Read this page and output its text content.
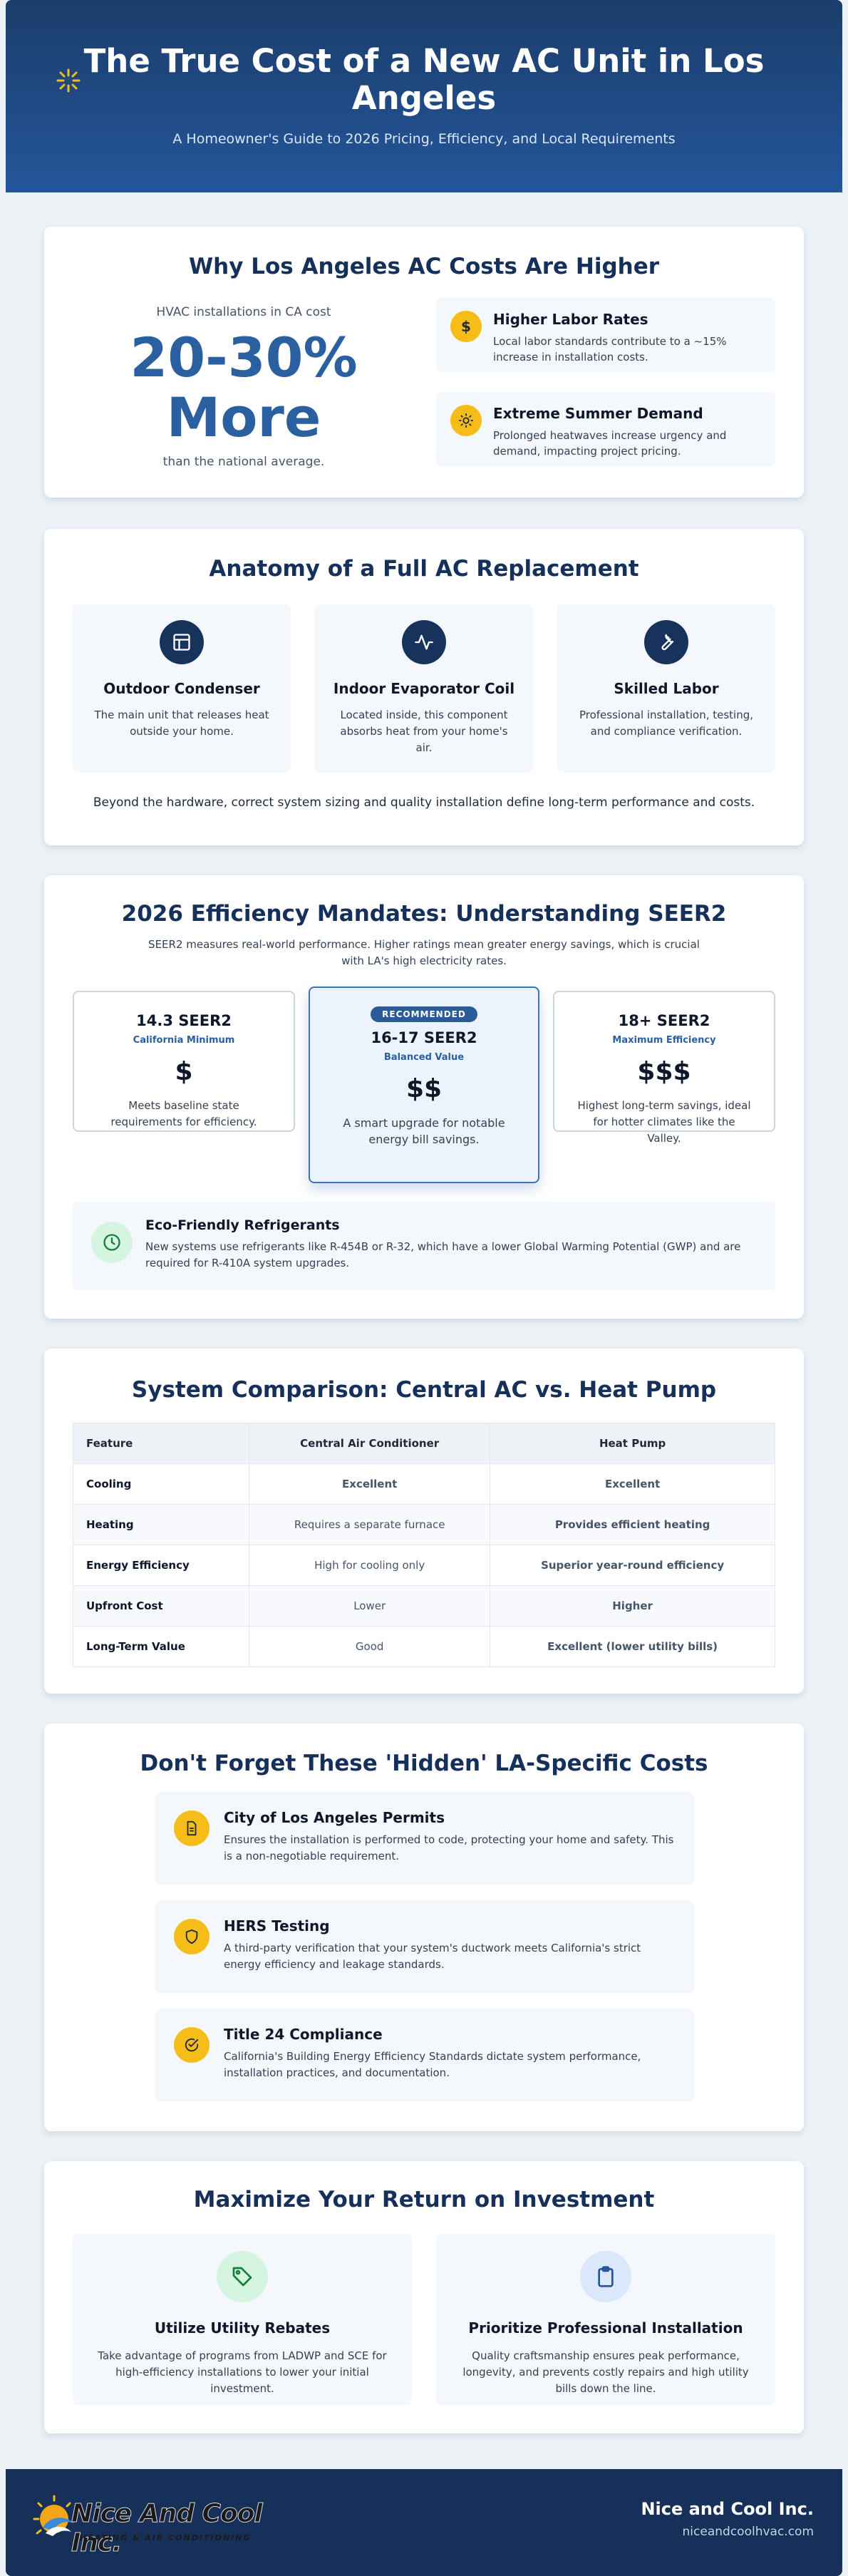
The True Cost of a New AC Unit in Los Angeles

A Homeowner's Guide to 2026 Pricing, Efficiency, and Local Requirements

Why Los Angeles AC Costs Are Higher
HVAC installations in CA cost
20-30% More
than the national average.
$	Higher Labor Rates
Local labor standards contribute to a ~15% increase in installation costs.
Extreme Summer Demand
Prolonged heatwaves increase urgency and demand, impacting project pricing.
Anatomy of a Full AC Replacement
Outdoor Condenser
The main unit that releases heat outside your home.
Indoor Evaporator Coil
Located inside, this component absorbs heat from your home's air.
Skilled Labor
Professional installation, testing, and compliance verification.

Beyond the hardware, correct system sizing and quality installation define long-term performance and costs.

2026 Efficiency Mandates: Understanding SEER2

SEER2 measures real-world performance. Higher ratings mean greater energy savings, which is crucial with LA's high electricity rates.

14.3 SEER2
California Minimum
$
Meets baseline state requirements for efficiency.
RECOMMENDED
16-17 SEER2
Balanced Value
$$
A smart upgrade for notable energy bill savings.
18+ SEER2
Maximum Efficiency
$$$
Highest long-term savings, ideal for hotter climates like the Valley.
Eco-Friendly Refrigerants
New systems use refrigerants like R-454B or R-32, which have a lower Global Warming Potential (GWP) and are required for R-410A system upgrades.
System Comparison: Central AC vs. Heat Pump
Feature	Central Air Conditioner	Heat Pump
Cooling	Excellent	Excellent
Heating	Requires a separate furnace	Provides efficient heating
Energy Efficiency	High for cooling only	Superior year-round efficiency
Upfront Cost	Lower	Higher
Long-Term Value	Good	Excellent (lower utility bills)
Don't Forget These 'Hidden' LA-Specific Costs
City of Los Angeles Permits
Ensures the installation is performed to code, protecting your home and safety. This is a non-negotiable requirement.
HERS Testing
A third-party verification that your system's ductwork meets California's strict energy efficiency and leakage standards.
Title 24 Compliance
California's Building Energy Efficiency Standards dictate system performance, installation practices, and documentation.
Maximize Your Return on Investment
Utilize Utility Rebates
Take advantage of programs from LADWP and SCE for high-efficiency installations to lower your initial investment.
Prioritize Professional Installation
Quality craftsmanship ensures peak performance, longevity, and prevents costly repairs and high utility bills down the line.
Nice And Cool Inc.
HEATING & AIR CONDITIONING
Nice and Cool Inc.
niceandcoolhvac.com
